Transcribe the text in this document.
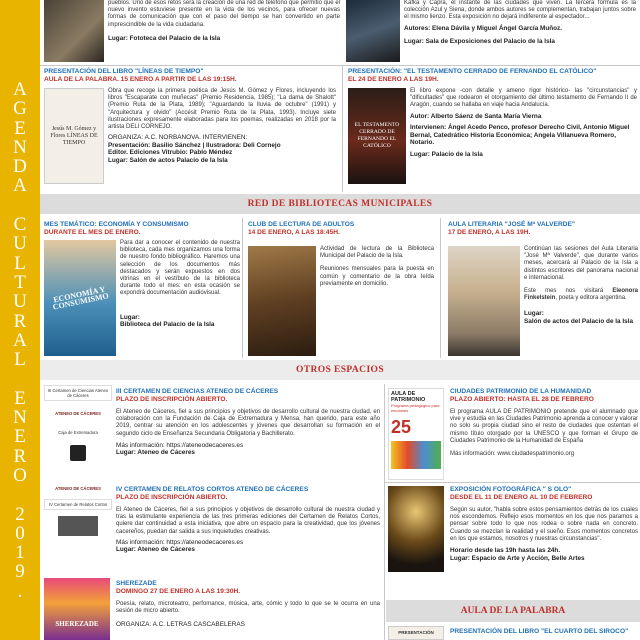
A
G
E
N
D
A

C
U
L
T
U
R
A
L

E
N
E
R
O

2
0
1
9
.
pueblos. Uno de esos retos será la creación de una red de teléfono que permitió que el nuevo invento estuviese presente en la vida de los vecinos, para ofrecer nuevas formas de comunicación que con el paso del tiempo se han convertido en parte imprescindible de la vida ciudadana.
Lugar: Fototeca del Palacio de la Isla
Kafka y Capra, el instante de las ciudades que viven. La tercera fórmula es la colección Azul y Siena, donde ambos autores se complementan, trabajan juntos sobre el mismo lienzo. Esta exposición no dejará indiferente al espectador...
Autores: Elena Dávila y Miguel Ángel García Muñoz.
Lugar: Sala de Exposiciones del Palacio de la Isla
PRESENTACIÓN DEL LIBRO "LÍNEAS DE TIEMPO"
AULA DE LA PALABRA. 15 ENERO A PARTIR DE LAS 19:15H.
Jesús M. Gómez y Flores LÍNEAS DE TIEMPO
Obra que recoge la primera poética de Jesús M. Gómez y Flores, incluyendo los libros "Escaparate con muñecas" (Premio Residencia, 1985); "La dama de Shalott" (Premio Ruta de la Plata, 1989); "Aguardando la lluvia de octubre" (1991) y "Arquitectura y olvido" (Accésit Premio Ruta de la Plata, 1993). Incluye siete ilustraciones expresamente elaboradas para los poemas, realizadas en 2018 por la artista DELI CORNEJO.
ORGANIZA: A.C. NORBANOVA. INTERVIENEN:
Presentación: Basilio Sánchez | Ilustradora: Deli Cornejo
Editor. Ediciones Vitrubio: Pablo Méndez
Lugar: Salón de actos Palacio de la Isla
PRESENTACIÓN: "EL TESTAMENTO CERRADO DE FERNANDO EL CATÓLICO"
EL 24 DE ENERO A LAS 19H.
EL TESTAMENTO CERRADO DE FERNANDO EL CATÓLICO
El libro expone -con detalle y ameno rigor histórico- las "circunstancias" y "dificultades" que rodearon el otorgamiento del último testamento de Fernando II de Aragón, cuando se hallaba en viaje hacia Andalucía.
Autor: Alberto Sáenz de Santa María Vierna
Intervienen: Ángel Acedo Penco, profesor Derecho Civil, Antonio Miguel Bernal, Catedrático Historia Económica; Angela Villanueva Romero, Notario.
Lugar: Palacio de la Isla
RED DE BIBLIOTECAS MUNICIPALES
MES TEMÁTICO: ECONOMÍA Y CONSUMISMO
DURANTE EL MES DE ENERO.
ECONOMÍA Y CONSUMISMO
Para dar a conocer el contenido de nuestra biblioteca, cada mes organizamos una forma de nuestro fondo bibliográfico. Haremos una selección de los documentos más destacados y serán expuestos en dos vitrinas en el vestíbulo de la biblioteca durante todo el mes: en esta ocasión se expondrá documentación audiovisual.
Lugar:
Biblioteca del Palacio de la Isla
CLUB DE LECTURA DE ADULTOS
14 DE ENERO, A LAS 18:45H.
Actividad de lectura de la Biblioteca Municipal del Palacio de la Isla.
Reuniones mensuales para la puesta en común y comentario de la obra leída previamente en domicilio.
AULA LITERARIA "JOSÉ Mª VALVERDE"
17 DE ENERO, A LAS 19H.
Continúan las sesiones del Aula Literaria "José Mª Valverde", que durante varios meses, acercará al Palacio de la Isla a distintos escritores del panorama nacional e internacional.
Este mes nos visitará Eleonora Finkelstein, poeta y editora argentina.
Lugar:
Salón de actos del Palacio de la Isla
OTROS ESPACIOS
III Certamen de Ciencias Ateneo de Cáceres
ATENEO DE CÁCERES
Caja de Extremadura
III CERTAMEN DE CIENCIAS ATENEO DE CÁCERES
PLAZO DE INSCRIPCIÓN ABIERTO.
El Ateneo de Cáceres, fiel a sus principios y objetivos de desarrollo cultural de nuestra ciudad, en colaboración con la Fundación de Caja de Extremadura y Mensa, han querido, para este año 2019, centrar su atención en los adolescentes y jóvenes que desarrollan su formación en el segundo ciclo de Enseñanza Secundaria Obligatoria y Bachillerato.
Más información: https://ateneodecaceres.es
Lugar: Ateneo de Cáceres
AULA DE PATRIMONIO
Programa pedagógico para escolares
25
CIUDADES PATRIMONIO DE LA HUMANIDAD
PLAZO ABIERTO: HASTA EL 28 DE FEBRERO
El programa AULA DE PATRIMONIO pretende que el alumnado que vive y estudia en las Ciudades Patrimonio aprenda a conocer y valorar no solo su propia ciudad sino el resto de ciudades que ostentan el mismo título otorgado por la UNESCO y que forman el Grupo de Ciudades Patrimonio de la Humanidad de España
Más información: www.ciudadespatrimonio.org
ATENEO DE CÁCERES
IV Certamen de Relatos Cortos
IV CERTAMEN DE RELATOS CORTOS ATENEO DE CÁCERES
PLAZO DE INSCRIPCIÓN ABIERTO.
El Ateneo de Cáceres, fiel a sus principios y objetivos de desarrollo cultural de nuestra ciudad y tras la estimulante experiencia de las tres primeras ediciones del Certamen de Relatos Cortos, quiere dar continuidad a esta iniciativa, que abre un espacio para la creatividad, que los jóvenes cacereños, puedan dar salida a sus inquietudes creativas.
Más información: https://ateneodecaceres.es
Lugar: Ateneo de Cáceres
EXPOSICIÓN FOTOGRÁFICA " S OLO"
DESDE EL 11 DE ENERO AL 10 DE FEBRERO
Según su autor, "habla sobre estos pensamientos detrás de los cuales nos escondemos. Reflejo esos momentos en los que nos paramos a pensar sobre todo lo que nos rodea o sobre nada en concreto. Cuando se mezclan la realidad y el sueño. Esos momentos concretos en los que estamos, nosotros y nuestras circunstancias".
Horario desde las 19h hasta las 24h.
Lugar: Espacio de Arte y Acción, Belle Artes
SHEREZADE
SHEREZADE
DOMINGO 27 DE ENERO A LAS 19:30H.
Poesía, relato, microteatro, perfomance, música, arte, cómic y todo lo que se te ocurra en una sesión de micro abierto.
ORGANIZA: A.C. LETRAS CASCABELERAS
AULA DE LA PALABRA
PRESENTACIÓN	PRESENTACIÓN DEL LIBRO "EL CUARTO DEL SIROCO"
